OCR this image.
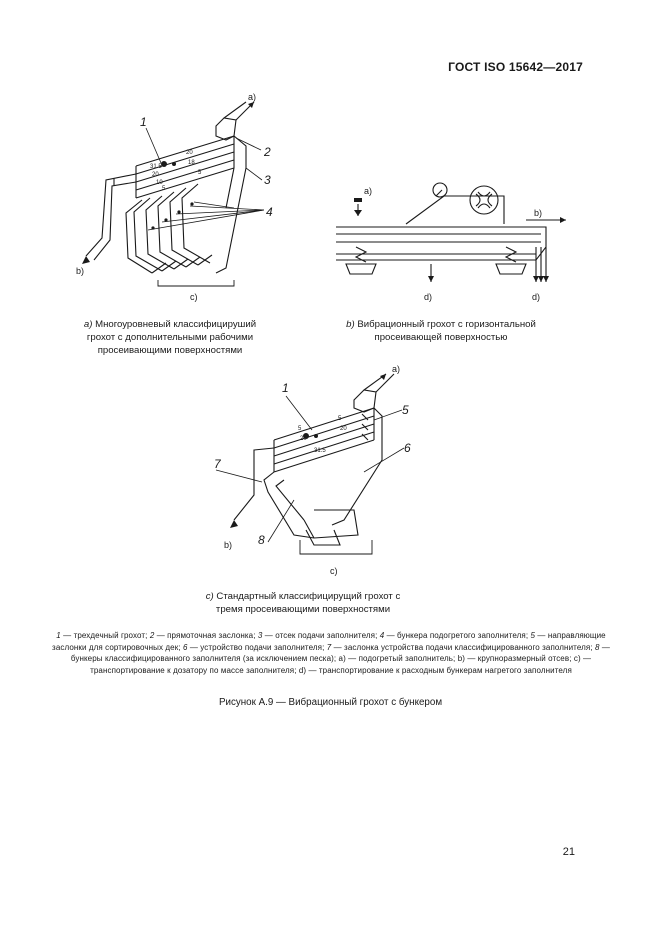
ГОСТ ISO 15642—2017
31.5
20
20
10
18
5
5
1
2
3
4
a)
b)
c)
a)
b)
d)	d)
5
5
20
20
31.5
1
5
6
7
8
a)
b)
c)
a) Многоуровневый классифицируший грохот с дополнительными рабочими просеивающими поверхностями
b) Вибрационный грохот с горизонтальной просеивающей поверхностью
c) Стандартный классифицирущий грохот с тремя просеивающими поверхностями
1 — трехдечный грохот; 2 — прямоточная заслонка; 3 — отсек подачи заполнителя; 4 — бункера подогретого заполнителя; 5 — направляющие заслонки для сортировочных дек; 6 — устройство подачи заполнителя; 7 — заслонка устройства подачи классифицированного заполнителя; 8 — бункеры классифицированного заполнителя (за исключением песка); a) — подогретый заполнитель; b) — крупноразмерный отсев; c) — транспортирование к дозатору по массе заполнителя; d) — транспортирование к расходным бункерам нагретого заполнителя
Рисунок А.9 — Вибрационный грохот с бункером
21
